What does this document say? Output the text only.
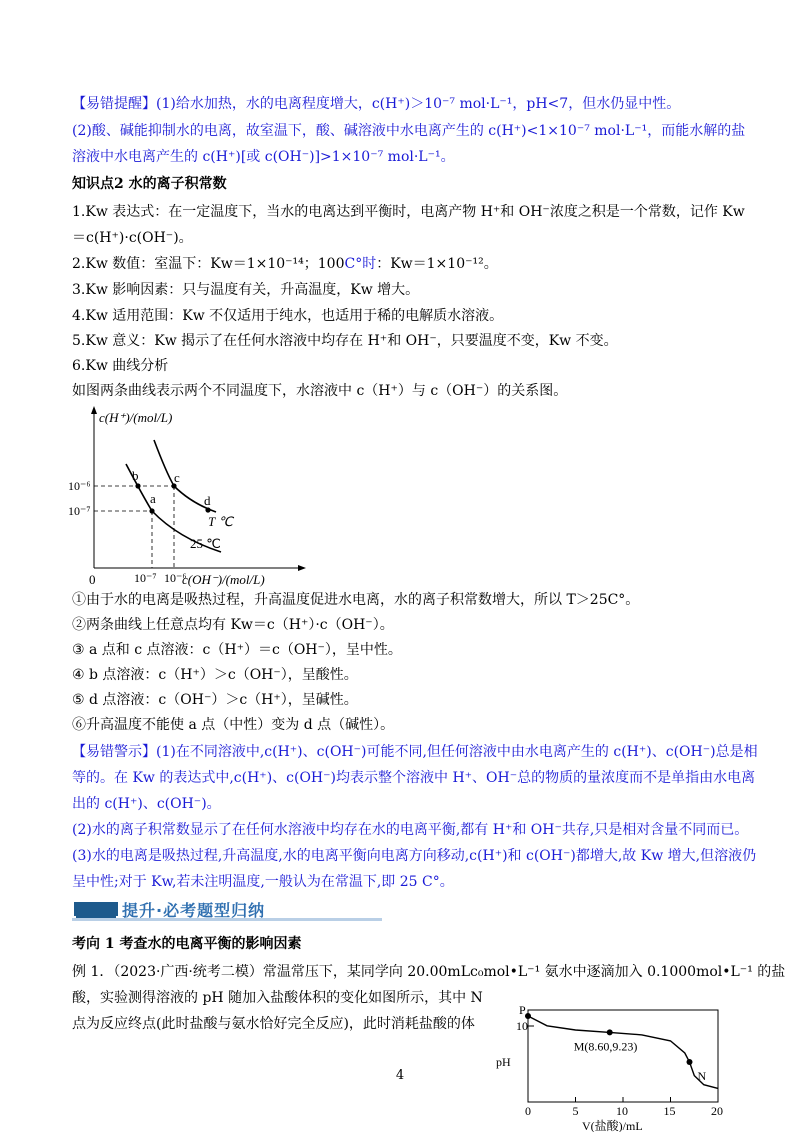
【易错提醒】(1)给水加热，水的电离程度增大，c(H⁺)＞10⁻⁷ mol·L⁻¹，pH<7，但水仍显中性。
(2)酸、碱能抑制水的电离，故室温下，酸、碱溶液中水电离产生的 c(H⁺)<1×10⁻⁷ mol·L⁻¹，而能水解的盐
溶液中水电离产生的 c(H⁺)[或 c(OH⁻)]>1×10⁻⁷ mol·L⁻¹。
知识点2 水的离子积常数
1.Kw 表达式：在一定温度下，当水的电离达到平衡时，电离产物 H⁺和 OH⁻浓度之积是一个常数，记作 Kw
＝c(H⁺)·c(OH⁻)。
2.Kw 数值：室温下：Kw＝1×10⁻¹⁴；100C°时：Kw＝1×10⁻¹²。
3.Kw 影响因素：只与温度有关，升高温度，Kw 增大。
4.Kw 适用范围：Kw 不仅适用于纯水，也适用于稀的电解质水溶液。
5.Kw 意义：Kw 揭示了在任何水溶液中均存在 H⁺和 OH⁻，只要温度不变，Kw 不变。
6.Kw 曲线分析
如图两条曲线表示两个不同温度下，水溶液中 c（H⁺）与 c（OH⁻）的关系图。
c(H⁺)/(mol/L)
c(OH⁻)/(mol/L)
0
10⁻⁶
10⁻⁷
10⁻⁷ 10⁻⁶
a
b	c
d
T ℃
25 ℃
①由于水的电离是吸热过程，升高温度促进水电离，水的离子积常数增大，所以 T＞25C°。
②两条曲线上任意点均有 Kw＝c（H⁺）·c（OH⁻）。
③ a 点和 c 点溶液：c（H⁺）＝c（OH⁻），呈中性。
④ b 点溶液：c（H⁺）＞c（OH⁻），呈酸性。
⑤ d 点溶液：c（OH⁻）＞c（H⁺），呈碱性。
⑥升高温度不能使 a 点（中性）变为 d 点（碱性）。
【易错警示】(1)在不同溶液中,c(H⁺)、c(OH⁻)可能不同,但任何溶液中由水电离产生的 c(H⁺)、c(OH⁻)总是相
等的。在 Kw 的表达式中,c(H⁺)、c(OH⁻)均表示整个溶液中 H⁺、OH⁻总的物质的量浓度而不是单指由水电离
出的 c(H⁺)、c(OH⁻)。
(2)水的离子积常数显示了在任何水溶液中均存在水的电离平衡,都有 H⁺和 OH⁻共存,只是相对含量不同而已。
(3)水的电离是吸热过程,升高温度,水的电离平衡向电离方向移动,c(H⁺)和 c(OH⁻)都增大,故 Kw 增大,但溶液仍
呈中性;对于 Kw,若未注明温度,一般认为在常温下,即 25 C°。
提升·必考题型归纳
考向 1 考查水的电离平衡的影响因素
例 1．（2023·广西·统考二模）常温常压下，某同学向 20.00mLc₀mol•L⁻¹ 氨水中逐滴加入 0.1000mol•L⁻¹ 的盐
酸，实验测得溶液的 pH 随加入盐酸体积的变化如图所示，其中 N
点为反应终点(此时盐酸与氨水恰好完全反应)，此时消耗盐酸的体
0	5	10	15	20
10
pH
V(盐酸)/mL
P
M(8.60,9.23)
N
4
